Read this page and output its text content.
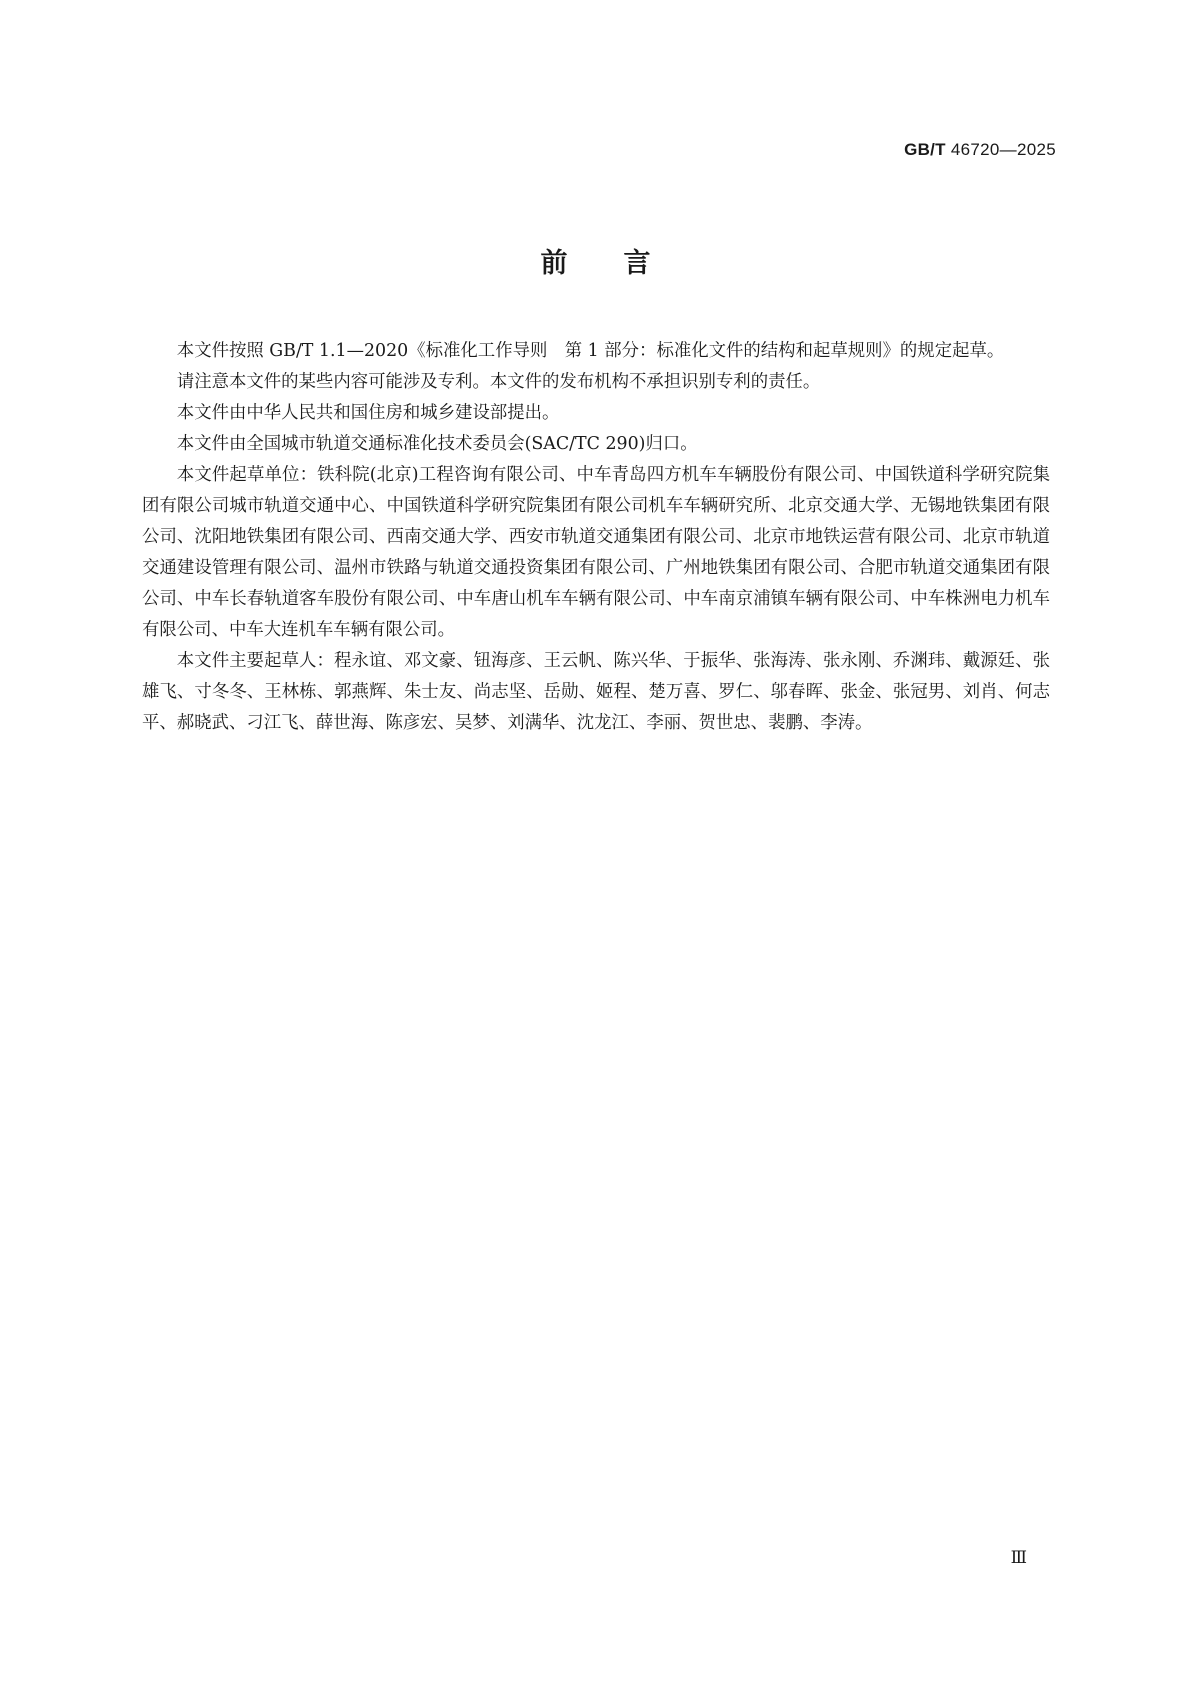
GB/T 46720—2025
前言

本文件按照 GB/T 1.1—2020《标准化工作导则　第 1 部分：标准化文件的结构和起草规则》的规定起草。

请注意本文件的某些内容可能涉及专利。本文件的发布机构不承担识别专利的责任。

本文件由中华人民共和国住房和城乡建设部提出。

本文件由全国城市轨道交通标准化技术委员会(SAC/TC 290)归口。

本文件起草单位：铁科院(北京)工程咨询有限公司、中车青岛四方机车车辆股份有限公司、中国铁道科学研究院集团有限公司城市轨道交通中心、中国铁道科学研究院集团有限公司机车车辆研究所、北京交通大学、无锡地铁集团有限公司、沈阳地铁集团有限公司、西南交通大学、西安市轨道交通集团有限公司、北京市地铁运营有限公司、北京市轨道交通建设管理有限公司、温州市铁路与轨道交通投资集团有限公司、广州地铁集团有限公司、合肥市轨道交通集团有限公司、中车长春轨道客车股份有限公司、中车唐山机车车辆有限公司、中车南京浦镇车辆有限公司、中车株洲电力机车有限公司、中车大连机车车辆有限公司。

本文件主要起草人：程永谊、邓文豪、钮海彦、王云帆、陈兴华、于振华、张海涛、张永刚、乔渊玮、戴源廷、张雄飞、寸冬冬、王林栋、郭燕辉、朱士友、尚志坚、岳勋、姬程、楚万喜、罗仁、邬春晖、张金、张冠男、刘肖、何志平、郝晓武、刁江飞、薛世海、陈彦宏、吴梦、刘满华、沈龙江、李丽、贺世忠、裴鹏、李涛。

Ⅲ
